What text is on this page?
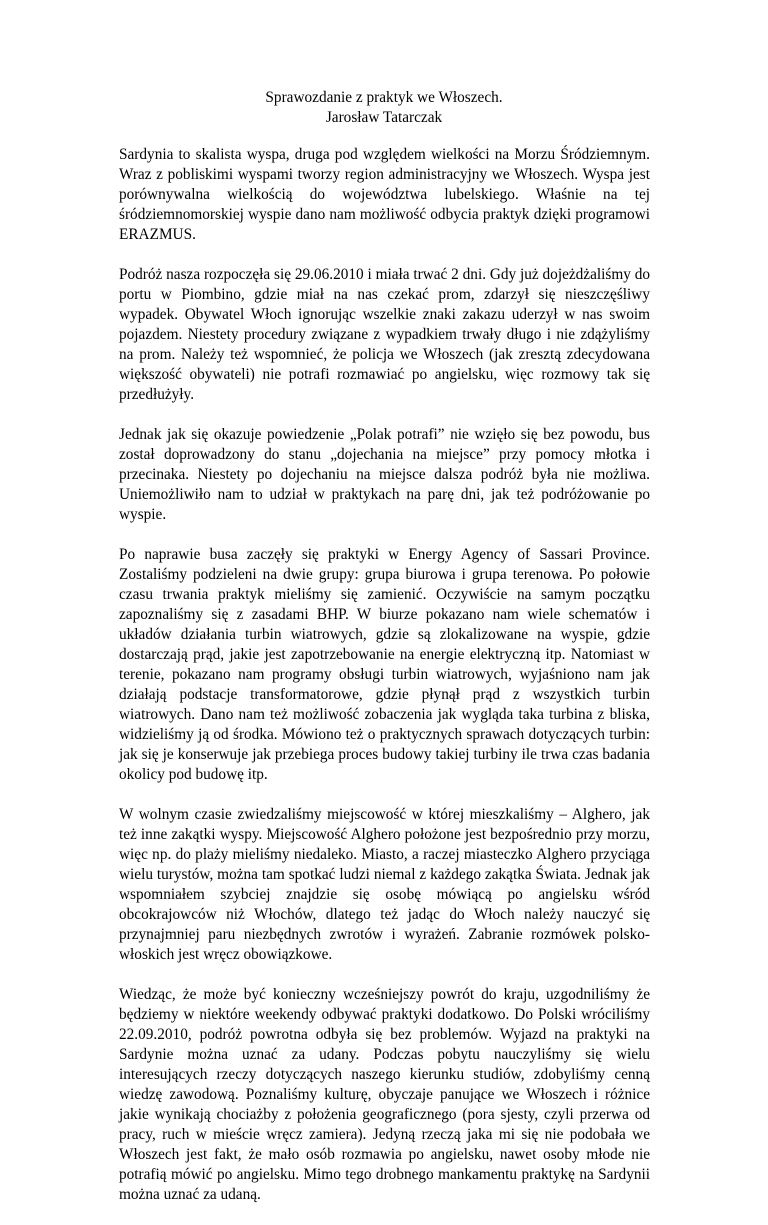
Sprawozdanie z praktyk we Włoszech.
Jarosław Tatarczak

Sardynia to skalista wyspa, druga pod względem wielkości na Morzu Śródziemnym. Wraz z pobliskimi wyspami tworzy region administracyjny we Włoszech. Wyspa jest porównywalna wielkością do województwa lubelskiego. Właśnie na tej śródziemnomorskiej wyspie dano nam możliwość odbycia praktyk dzięki programowi ERAZMUS.

Podróż nasza rozpoczęła się 29.06.2010 i miała trwać 2 dni. Gdy już dojeżdżaliśmy do portu w Piombino, gdzie miał na nas czekać prom, zdarzył się nieszczęśliwy wypadek. Obywatel Włoch ignorując wszelkie znaki zakazu uderzył w nas swoim pojazdem. Niestety procedury związane z wypadkiem trwały długo i nie zdążyliśmy na prom. Należy też wspomnieć, że policja we Włoszech (jak zresztą zdecydowana większość obywateli) nie potrafi rozmawiać po angielsku, więc rozmowy tak się przedłużyły.

Jednak jak się okazuje powiedzenie „Polak potrafi” nie wzięło się bez powodu, bus został doprowadzony do stanu „dojechania na miejsce” przy pomocy młotka i przecinaka. Niestety po dojechaniu na miejsce dalsza podróż była nie możliwa. Uniemożliwiło nam to udział w praktykach na parę dni, jak też podróżowanie po wyspie.

Po naprawie busa zaczęły się praktyki w Energy Agency of Sassari Province. Zostaliśmy podzieleni na dwie grupy: grupa biurowa i grupa terenowa. Po połowie czasu trwania praktyk mieliśmy się zamienić. Oczywiście na samym początku zapoznaliśmy się z zasadami BHP. W biurze pokazano nam wiele schematów i układów działania turbin wiatrowych, gdzie są zlokalizowane na wyspie, gdzie dostarczają prąd, jakie jest zapotrzebowanie na energie elektryczną itp. Natomiast w terenie, pokazano nam programy obsługi turbin wiatrowych, wyjaśniono nam jak działają podstacje transformatorowe, gdzie płynął prąd z wszystkich turbin wiatrowych. Dano nam też możliwość zobaczenia jak wygląda taka turbina z bliska, widzieliśmy ją od środka. Mówiono też o praktycznych sprawach dotyczących turbin: jak się je konserwuje jak przebiega proces budowy takiej turbiny ile trwa czas badania okolicy pod budowę itp.

W wolnym czasie zwiedzaliśmy miejscowość w której mieszkaliśmy – Alghero, jak też inne zakątki wyspy. Miejscowość Alghero położone jest bezpośrednio przy morzu, więc np. do plaży mieliśmy niedaleko. Miasto, a raczej miasteczko Alghero przyciąga wielu turystów, można tam spotkać ludzi niemal z każdego zakątka Świata. Jednak jak wspomniałem szybciej znajdzie się osobę mówiącą po angielsku wśród obcokrajowców niż Włochów, dlatego też jadąc do Włoch należy nauczyć się przynajmniej paru niezbędnych zwrotów i wyrażeń. Zabranie rozmówek polsko-włoskich jest wręcz obowiązkowe.

Wiedząc, że może być konieczny wcześniejszy powrót do kraju, uzgodniliśmy że będziemy w niektóre weekendy odbywać praktyki dodatkowo. Do Polski wróciliśmy 22.09.2010, podróż powrotna odbyła się bez problemów. Wyjazd na praktyki na Sardynie można uznać za udany. Podczas pobytu nauczyliśmy się wielu interesujących rzeczy dotyczących naszego kierunku studiów, zdobyliśmy cenną wiedzę zawodową. Poznaliśmy kulturę, obyczaje panujące we Włoszech i różnice jakie wynikają chociażby z położenia geograficznego (pora sjesty, czyli przerwa od pracy, ruch w mieście wręcz zamiera). Jedyną rzeczą jaka mi się nie podobała we Włoszech jest fakt, że mało osób rozmawia po angielsku, nawet osoby młode nie potrafią mówić po angielsku. Mimo tego drobnego mankamentu praktykę na Sardynii można uznać za udaną.
